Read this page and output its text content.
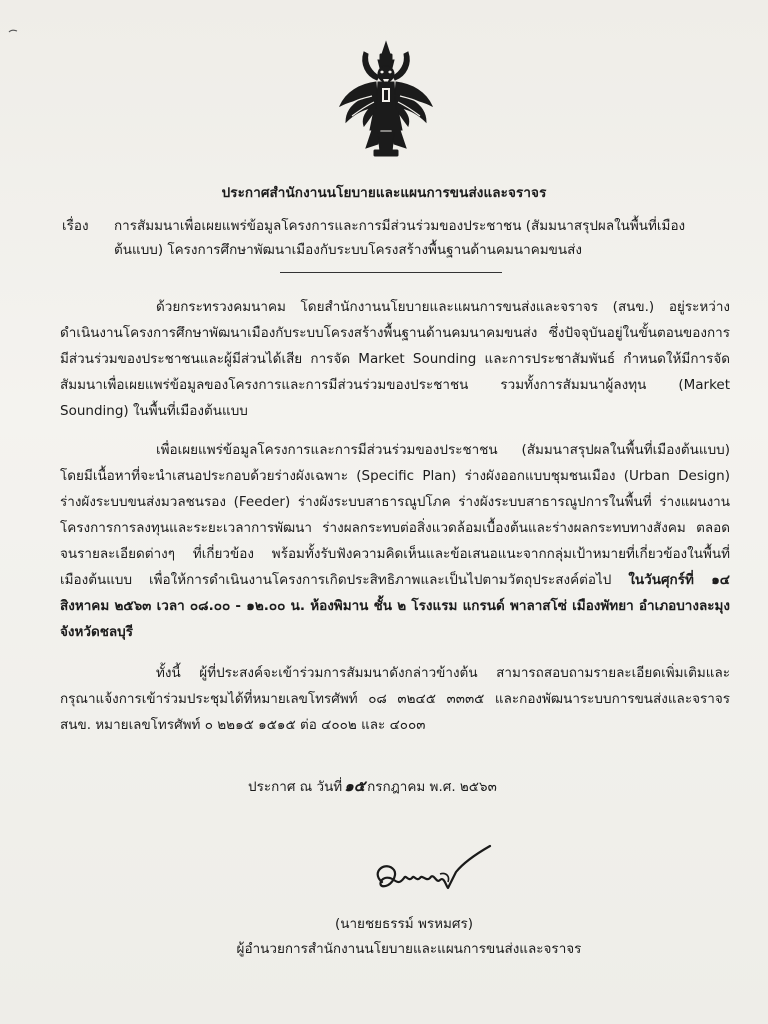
ประกาศสำนักงานนโยบายและแผนการขนส่งและจราจร
เรื่อง การสัมมนาเพื่อเผยแพร่ข้อมูลโครงการและการมีส่วนร่วมของประชาชน (สัมมนาสรุปผลในพื้นที่เมืองต้นแบบ) โครงการศึกษาพัฒนาเมืองกับระบบโครงสร้างพื้นฐานด้านคมนาคมขนส่ง
ด้วยกระทรวงคมนาคม โดยสำนักงานนโยบายและแผนการขนส่งและจราจร (สนข.) อยู่ระหว่างดำเนินงานโครงการศึกษาพัฒนาเมืองกับระบบโครงสร้างพื้นฐานด้านคมนาคมขนส่ง ซึ่งปัจจุบันอยู่ในขั้นตอนของการมีส่วนร่วมของประชาชนและผู้มีส่วนได้เสีย การจัด Market Sounding และการประชาสัมพันธ์ กำหนดให้มีการจัดสัมมนาเพื่อเผยแพร่ข้อมูลของโครงการและการมีส่วนร่วมของประชาชน รวมทั้งการสัมมนาผู้ลงทุน (Market Sounding) ในพื้นที่เมืองต้นแบบ
เพื่อเผยแพร่ข้อมูลโครงการและการมีส่วนร่วมของประชาชน (สัมมนาสรุปผลในพื้นที่เมืองต้นแบบ) โดยมีเนื้อหาที่จะนำเสนอประกอบด้วยร่างผังเฉพาะ (Specific Plan) ร่างผังออกแบบชุมชนเมือง (Urban Design) ร่างผังระบบขนส่งมวลชนรอง (Feeder) ร่างผังระบบสาธารณูปโภค ร่างผังระบบสาธารณูปการในพื้นที่ ร่างแผนงานโครงการการลงทุนและระยะเวลาการพัฒนา ร่างผลกระทบต่อสิ่งแวดล้อมเบื้องต้นและร่างผลกระทบทางสังคม ตลอดจนรายละเอียดต่างๆ ที่เกี่ยวข้อง พร้อมทั้งรับฟังความคิดเห็นและข้อเสนอแนะจากกลุ่มเป้าหมายที่เกี่ยวข้องในพื้นที่เมืองต้นแบบ เพื่อให้การดำเนินงานโครงการเกิดประสิทธิภาพและเป็นไปตามวัตถุประสงค์ต่อไป ในวันศุกร์ที่ ๑๔ สิงหาคม ๒๕๖๓ เวลา ๐๘.๐๐ - ๑๒.๐๐ น. ห้องพิมาน ชั้น ๒ โรงแรม แกรนด์ พาลาสโซ่ เมืองพัทยา อำเภอบางละมุง จังหวัดชลบุรี
ทั้งนี้ ผู้ที่ประสงค์จะเข้าร่วมการสัมมนาดังกล่าวข้างต้น สามารถสอบถามรายละเอียดเพิ่มเติมและกรุณาแจ้งการเข้าร่วมประชุมได้ที่หมายเลขโทรศัพท์ ๐๘ ๓๒๔๕ ๓๓๓๕ และกองพัฒนาระบบการขนส่งและจราจร สนข. หมายเลขโทรศัพท์ ๐ ๒๒๑๕ ๑๕๑๕ ต่อ ๔๐๐๒ และ ๔๐๐๓
ประกาศ ณ วันที่ ๑๕ กรกฎาคม พ.ศ. ๒๕๖๓
(นายชยธรรม์ พรหมศร)
ผู้อำนวยการสำนักงานนโยบายและแผนการขนส่งและจราจร
